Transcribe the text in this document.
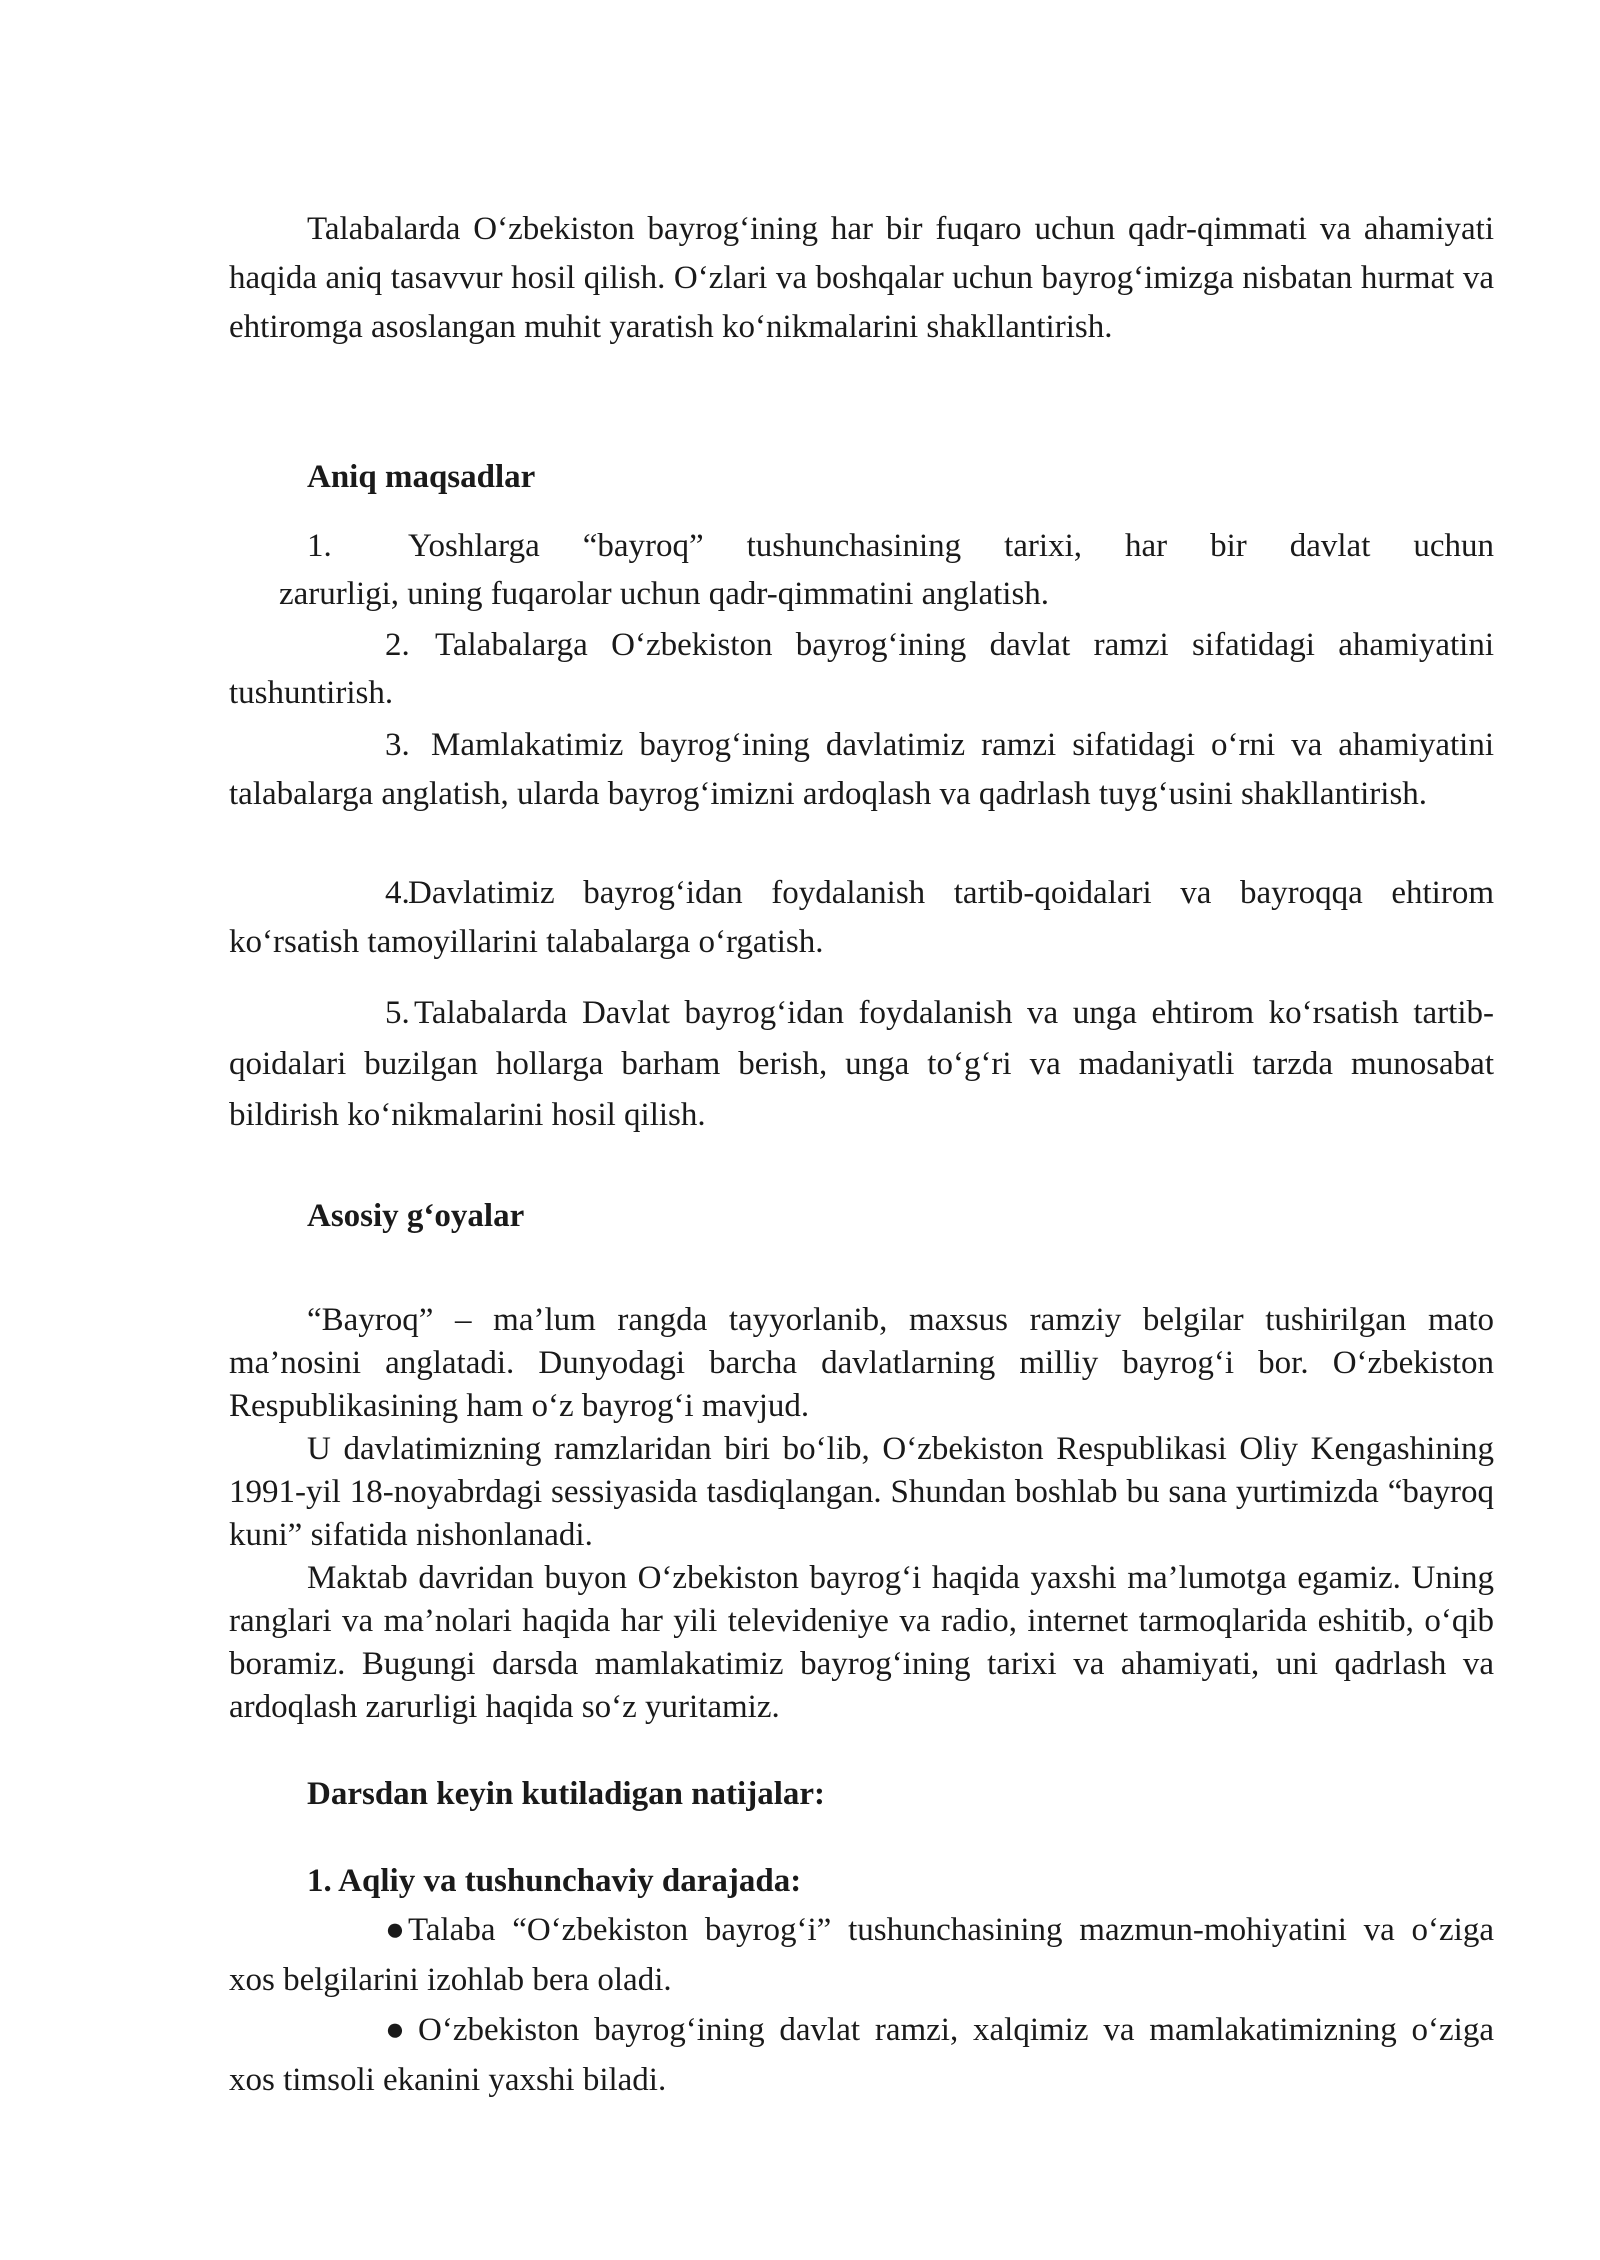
Talabalarda O‘zbekiston bayrog‘ining har bir fuqaro uchun qadr-qimmati va ahamiyati haqida aniq tasavvur hosil qilish. O‘zlari va boshqalar uchun bayrog‘imizga nisbatan hurmat va ehtiromga asoslangan muhit yaratish ko‘nikmalarini shakllantirish.

Aniq maqsadlar

1. Yoshlarga “bayroq” tushunchasining tarixi, har bir davlat uchun

zarurligi, uning fuqarolar uchun qadr-qimmatini anglatish.

2. Talabalarga O‘zbekiston bayrog‘ining davlat ramzi sifatidagi ahamiyatini tushuntirish.

3. Mamlakatimiz bayrog‘ining davlatimiz ramzi sifatidagi o‘rni va ahamiyatini talabalarga anglatish, ularda bayrog‘imizni ardoqlash va qadrlash tuyg‘usini shakllantirish.

4.Davlatimiz bayrog‘idan foydalanish tartib-qoidalari va bayroqqa ehtirom ko‘rsatish tamoyillarini talabalarga o‘rgatish.

5. Talabalarda Davlat bayrog‘idan foydalanish va unga ehtirom ko‘rsatish tartib-qoidalari buzilgan hollarga barham berish, unga to‘g‘ri va madaniyatli tarzda munosabat bildirish ko‘nikmalarini hosil qilish.

Asosiy g‘oyalar

“Bayroq” – ma’lum rangda tayyorlanib, maxsus ramziy belgilar tushirilgan mato ma’nosini anglatadi. Dunyodagi barcha davlatlarning milliy bayrog‘i bor. O‘zbekiston Respublikasining ham o‘z bayrog‘i mavjud.

U davlatimizning ramzlaridan biri bo‘lib, O‘zbekiston Respublikasi Oliy Kengashining 1991-yil 18-noyabrdagi sessiyasida tasdiqlangan. Shundan boshlab bu sana yurtimizda “bayroq kuni” sifatida nishonlanadi.

Maktab davridan buyon O‘zbekiston bayrog‘i haqida yaxshi ma’lumotga egamiz. Uning ranglari va ma’nolari haqida har yili televideniye va radio, internet tarmoqlarida eshitib, o‘qib boramiz. Bugungi darsda mamlakatimiz bayrog‘ining tarixi va ahamiyati, uni qadrlash va ardoqlash zarurligi haqida so‘z yuritamiz.

Darsdan keyin kutiladigan natijalar:

1. Aqliy va tushunchaviy darajada:

●Talaba “O‘zbekiston bayrog‘i” tushunchasining mazmun-mohiyatini va o‘ziga xos belgilarini izohlab bera oladi.

● O‘zbekiston bayrog‘ining davlat ramzi, xalqimiz va mamlakatimizning o‘ziga xos timsoli ekanini yaxshi biladi.
